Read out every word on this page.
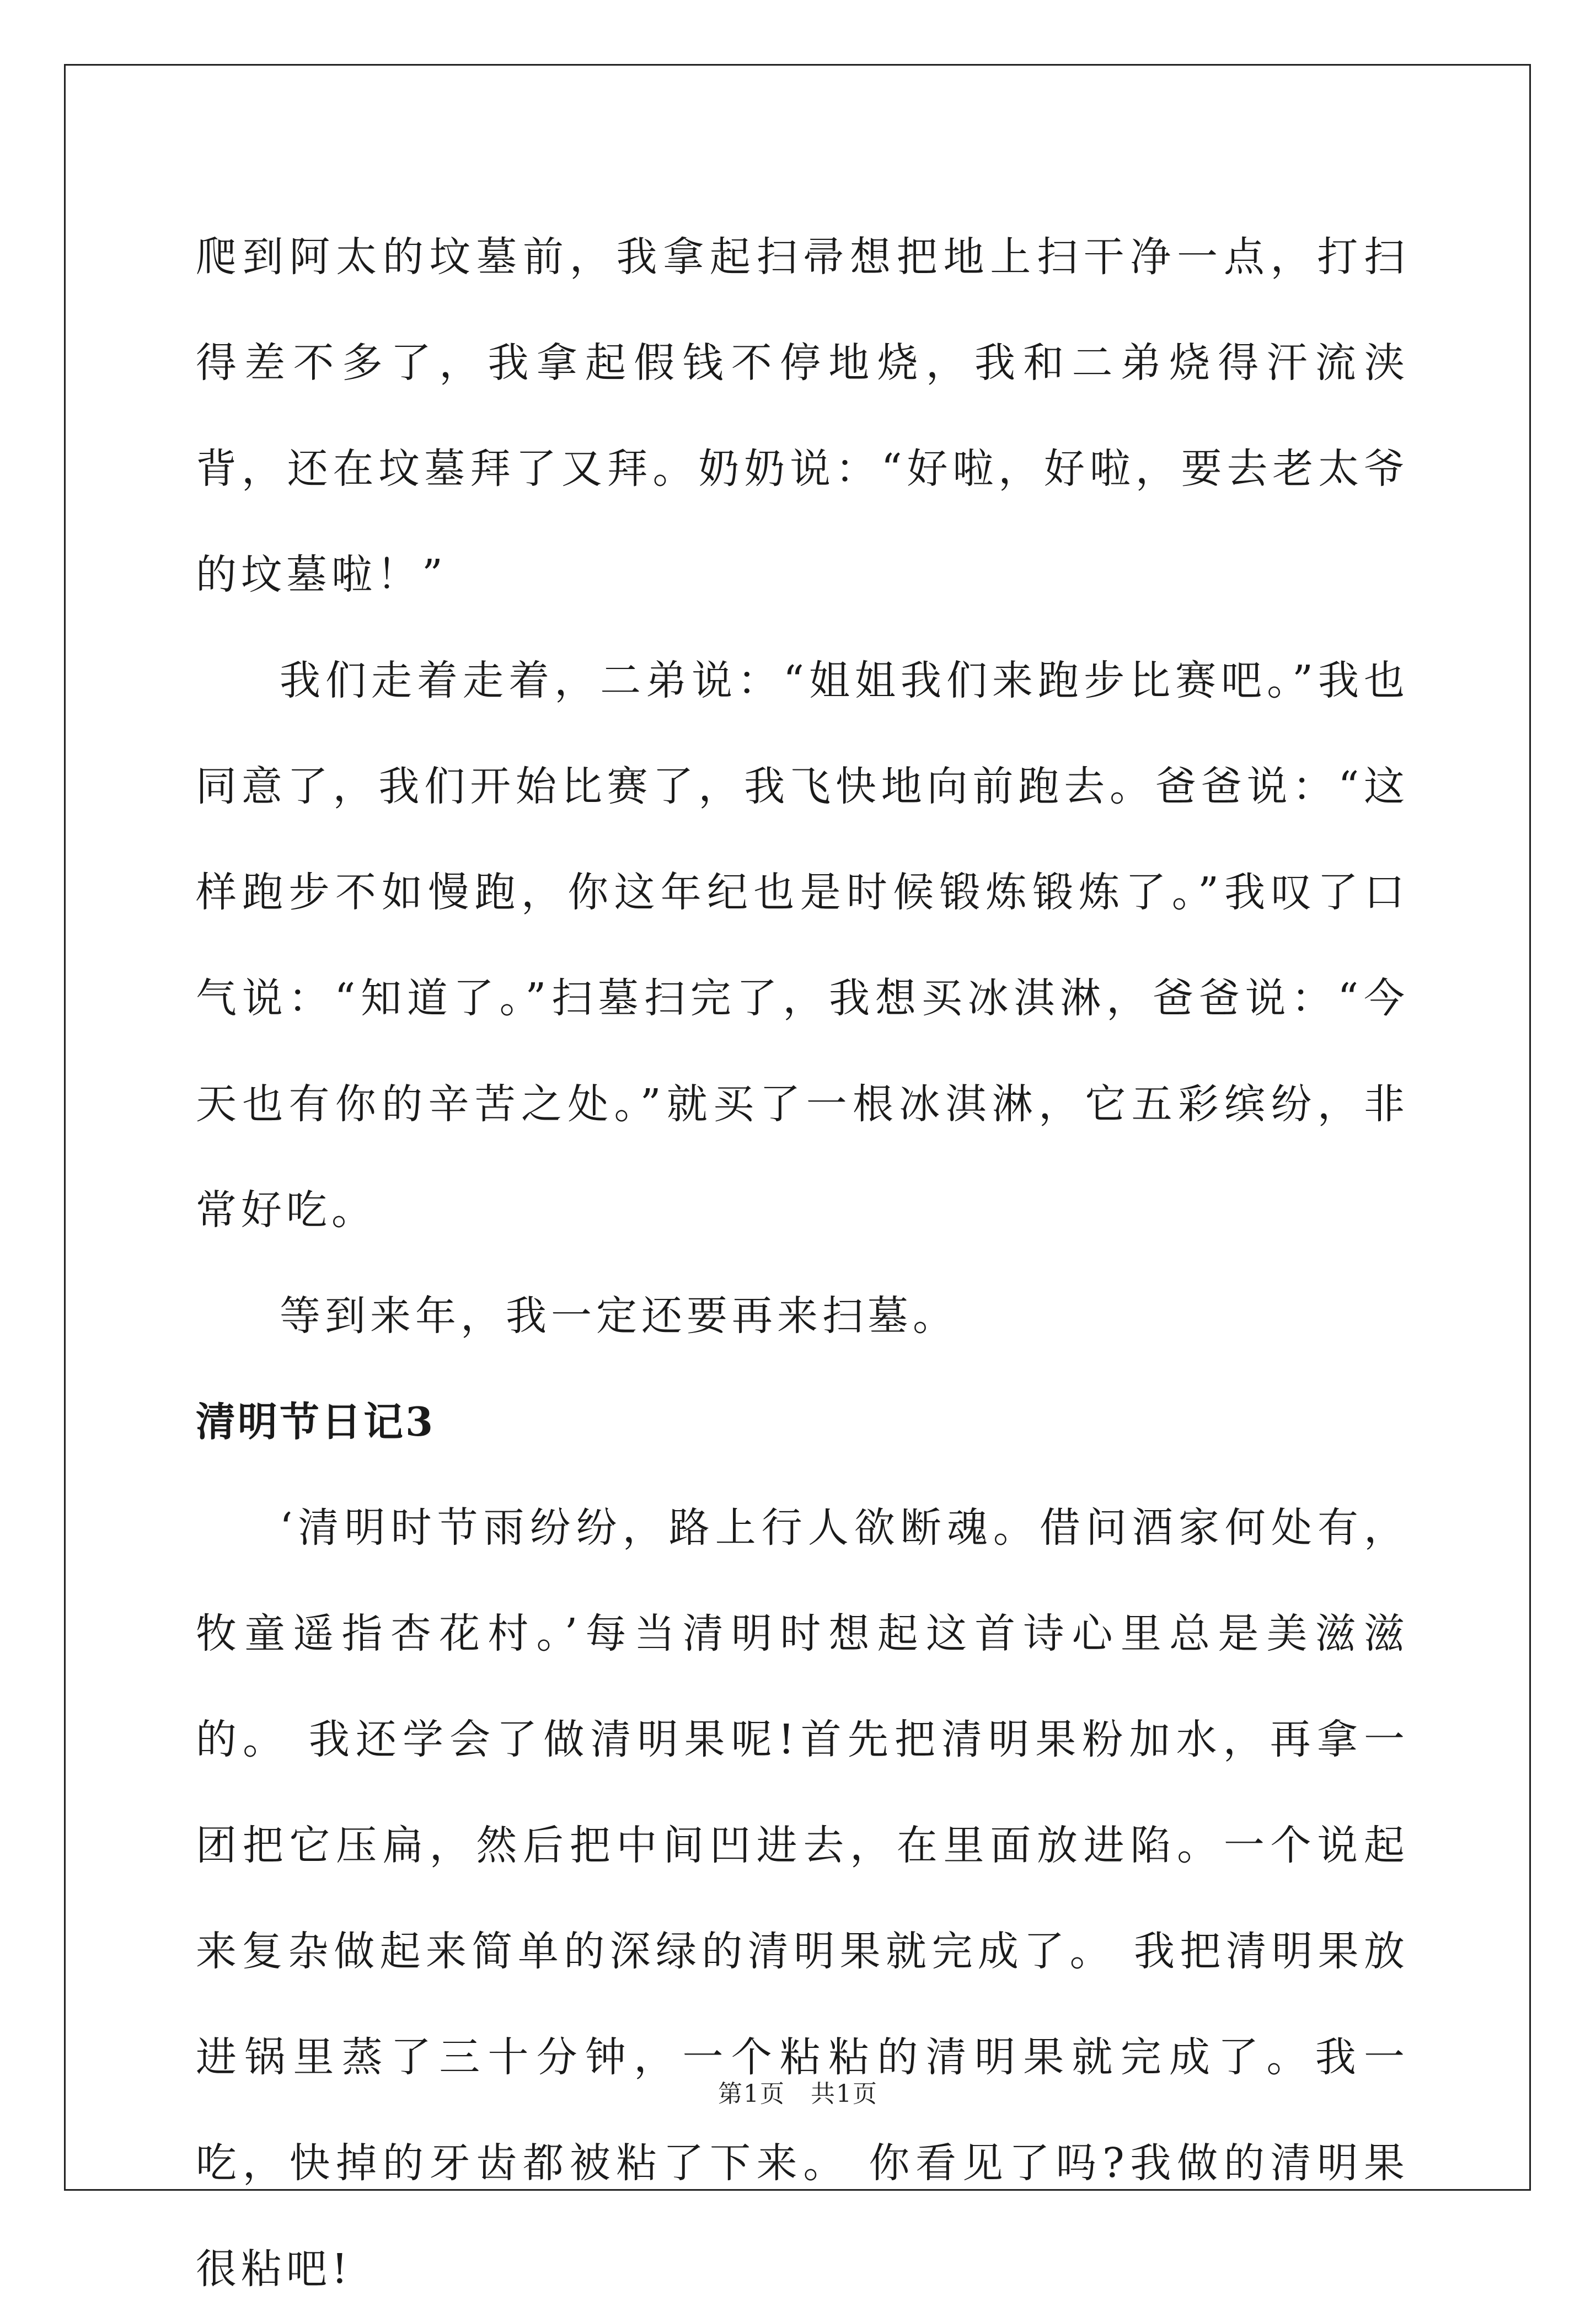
爬到阿太的坟墓前，我拿起扫帚想把地上扫干净一点，打扫得差不多了，我拿起假钱不停地烧，我和二弟烧得汗流浃背，还在坟墓拜了又拜。奶奶说：“好啦，好啦，要去老太爷的坟墓啦！”

我们走着走着，二弟说：“姐姐我们来跑步比赛吧。”我也同意了，我们开始比赛了，我飞快地向前跑去。爸爸说：“这样跑步不如慢跑，你这年纪也是时候锻炼锻炼了。”我叹了口气说：“知道了。”扫墓扫完了，我想买冰淇淋，爸爸说：“今天也有你的辛苦之处。”就买了一根冰淇淋，它五彩缤纷，非常好吃。

等到来年，我一定还要再来扫墓。

清明节日记3

‘清明时节雨纷纷，路上行人欲断魂。借问酒家何处有，牧童遥指杏花村。’每当清明时想起这首诗心里总是美滋滋的。 我还学会了做清明果呢!首先把清明果粉加水，再拿一团把它压扁，然后把中间凹进去，在里面放进陷。一个说起来复杂做起来简单的深绿的清明果就完成了。 我把清明果放进锅里蒸了三十分钟，一个粘粘的清明果就完成了。我一吃，快掉的牙齿都被粘了下来。 你看见了吗?我做的清明果很粘吧!

第1页　共1页
